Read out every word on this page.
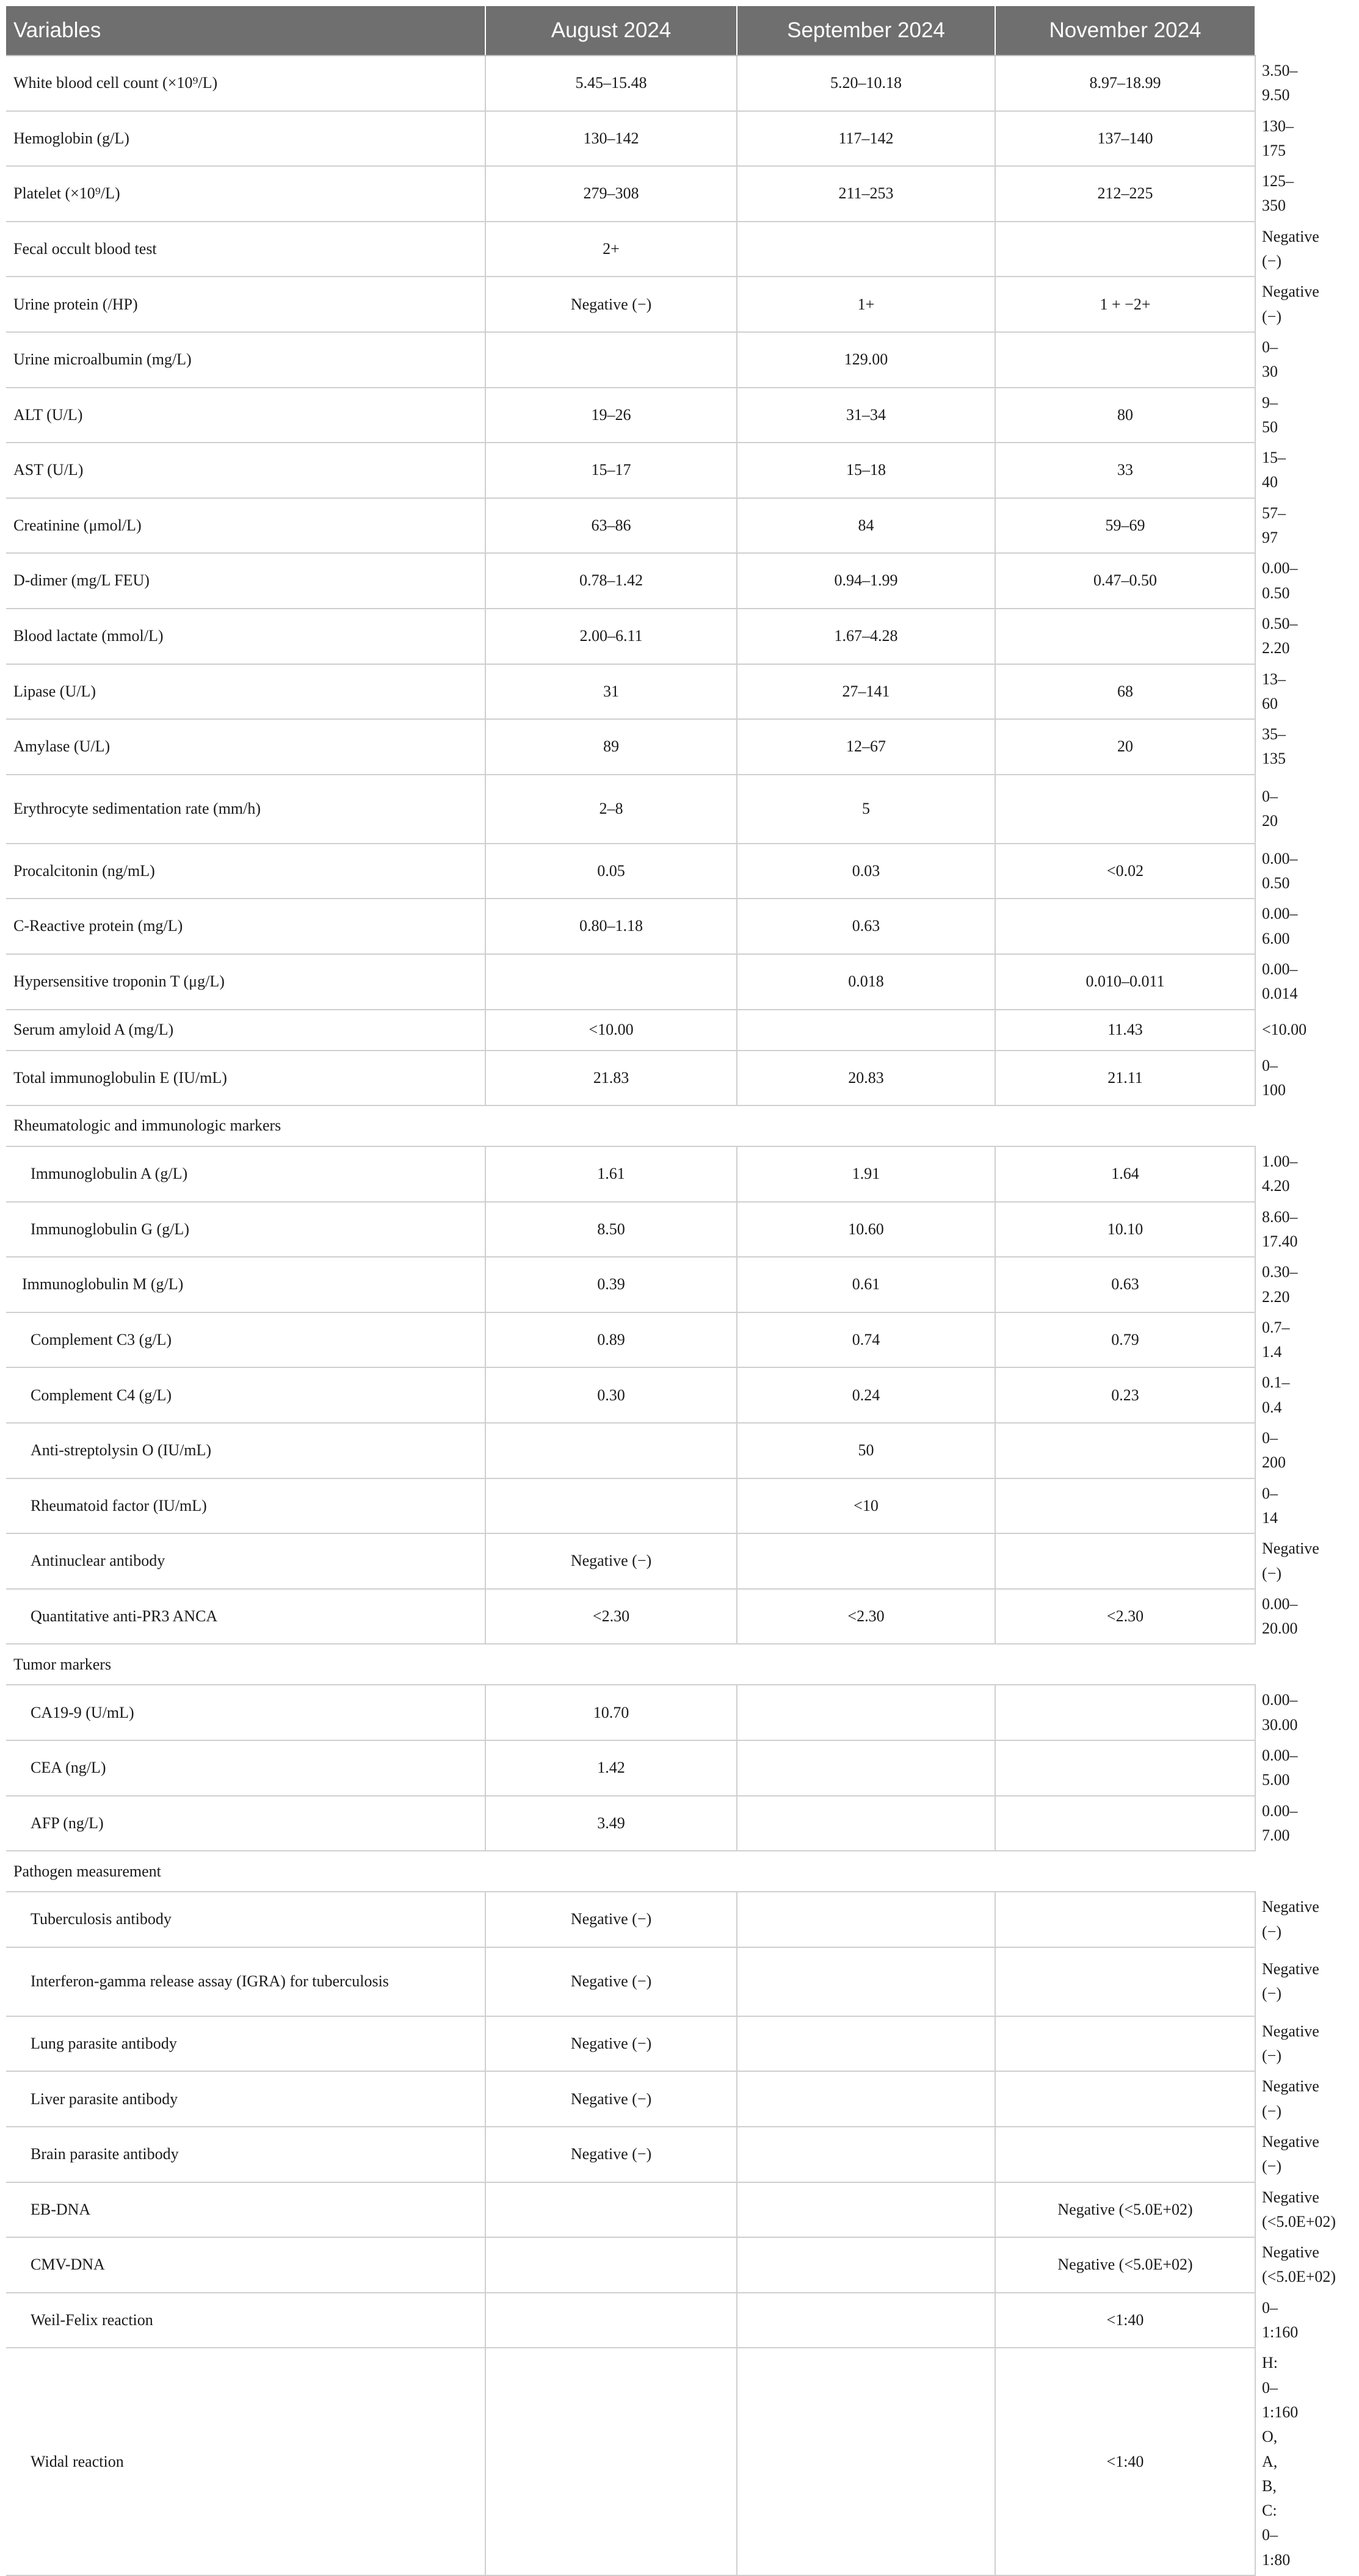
Variables	August 2024	September 2024	November 2024	Reference range
White blood cell count (×10⁹/L)	5.45–15.48	5.20–10.18	8.97–18.99	3.50–9.50
Hemoglobin (g/L)	130–142	117–142	137–140	130–175
Platelet (×10⁹/L)	279–308	211–253	212–225	125–350
Fecal occult blood test	2+			Negative (−)
Urine protein (/HP)	Negative (−)	1+	1 + −2+	Negative (−)
Urine microalbumin (mg/L)		129.00		0–30
ALT (U/L)	19–26	31–34	80	9–50
AST (U/L)	15–17	15–18	33	15–40
Creatinine (μmol/L)	63–86	84	59–69	57–97
D-dimer (mg/L FEU)	0.78–1.42	0.94–1.99	0.47–0.50	0.00–0.50
Blood lactate (mmol/L)	2.00–6.11	1.67–4.28		0.50–2.20
Lipase (U/L)	31	27–141	68	13–60
Amylase (U/L)	89	12–67	20	35–135
Erythrocyte sedimentation rate (mm/h)	2–8	5		0–20
Procalcitonin (ng/mL)	0.05	0.03	<0.02	0.00–0.50
C-Reactive protein (mg/L)	0.80–1.18	0.63		0.00–6.00
Hypersensitive troponin T (μg/L)		0.018	0.010–0.011	0.00–0.014
Serum amyloid A (mg/L)	<10.00		11.43	<10.00
Total immunoglobulin E (IU/mL)	21.83	20.83	21.11	0–100
Rheumatologic and immunologic markers				
Immunoglobulin A (g/L)	1.61	1.91	1.64	1.00–4.20
Immunoglobulin G (g/L)	8.50	10.60	10.10	8.60–17.40
Immunoglobulin M (g/L)	0.39	0.61	0.63	0.30–2.20
Complement C3 (g/L)	0.89	0.74	0.79	0.7–1.4
Complement C4 (g/L)	0.30	0.24	0.23	0.1–0.4
Anti-streptolysin O (IU/mL)		50		0–200
Rheumatoid factor (IU/mL)		<10		0–14
Antinuclear antibody	Negative (−)			Negative (−)
Quantitative anti-PR3 ANCA	<2.30	<2.30	<2.30	0.00–20.00
Tumor markers				
CA19-9 (U/mL)	10.70			0.00–30.00
CEA (ng/L)	1.42			0.00–5.00
AFP (ng/L)	3.49			0.00–7.00
Pathogen measurement				
Tuberculosis antibody	Negative (−)			Negative (−)
Interferon-gamma release assay (IGRA) for tuberculosis	Negative (−)			Negative (−)
Lung parasite antibody	Negative (−)			Negative (−)
Liver parasite antibody	Negative (−)			Negative (−)
Brain parasite antibody	Negative (−)			Negative (−)
EB-DNA			Negative (<5.0E+02)	Negative (<5.0E+02)
CMV-DNA			Negative (<5.0E+02)	Negative (<5.0E+02)
Weil-Felix reaction			<1:40	0–1:160
Widal reaction			<1:40	H: 0–1:160
O, A, B, C: 0–1:80
